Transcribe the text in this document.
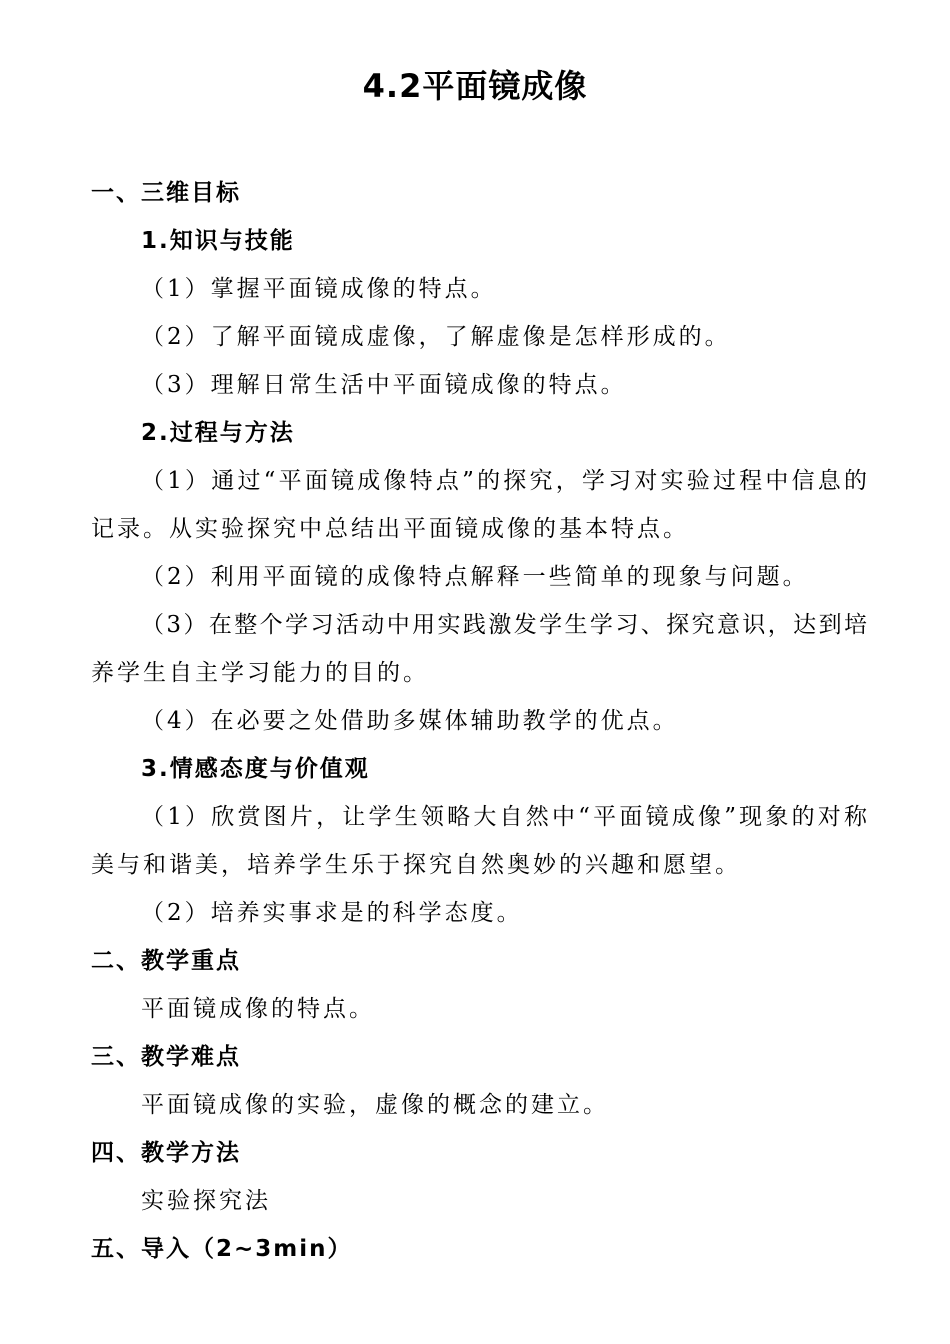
4.2平面镜成像
一、三维目标
1.知识与技能
（1）掌握平面镜成像的特点。
（2）了解平面镜成虚像，了解虚像是怎样形成的。
（3）理解日常生活中平面镜成像的特点。
2.过程与方法
（1）通过“平面镜成像特点”的探究，学习对实验过程中信息的
记录。从实验探究中总结出平面镜成像的基本特点。
（2）利用平面镜的成像特点解释一些简单的现象与问题。
（3）在整个学习活动中用实践激发学生学习、探究意识，达到培
养学生自主学习能力的目的。
（4）在必要之处借助多媒体辅助教学的优点。
3.情感态度与价值观
（1）欣赏图片，让学生领略大自然中“平面镜成像”现象的对称
美与和谐美，培养学生乐于探究自然奥妙的兴趣和愿望。
（2）培养实事求是的科学态度。
二、教学重点
平面镜成像的特点。
三、教学难点
平面镜成像的实验，虚像的概念的建立。
四、教学方法
实验探究法
五、导入（2~3min）
